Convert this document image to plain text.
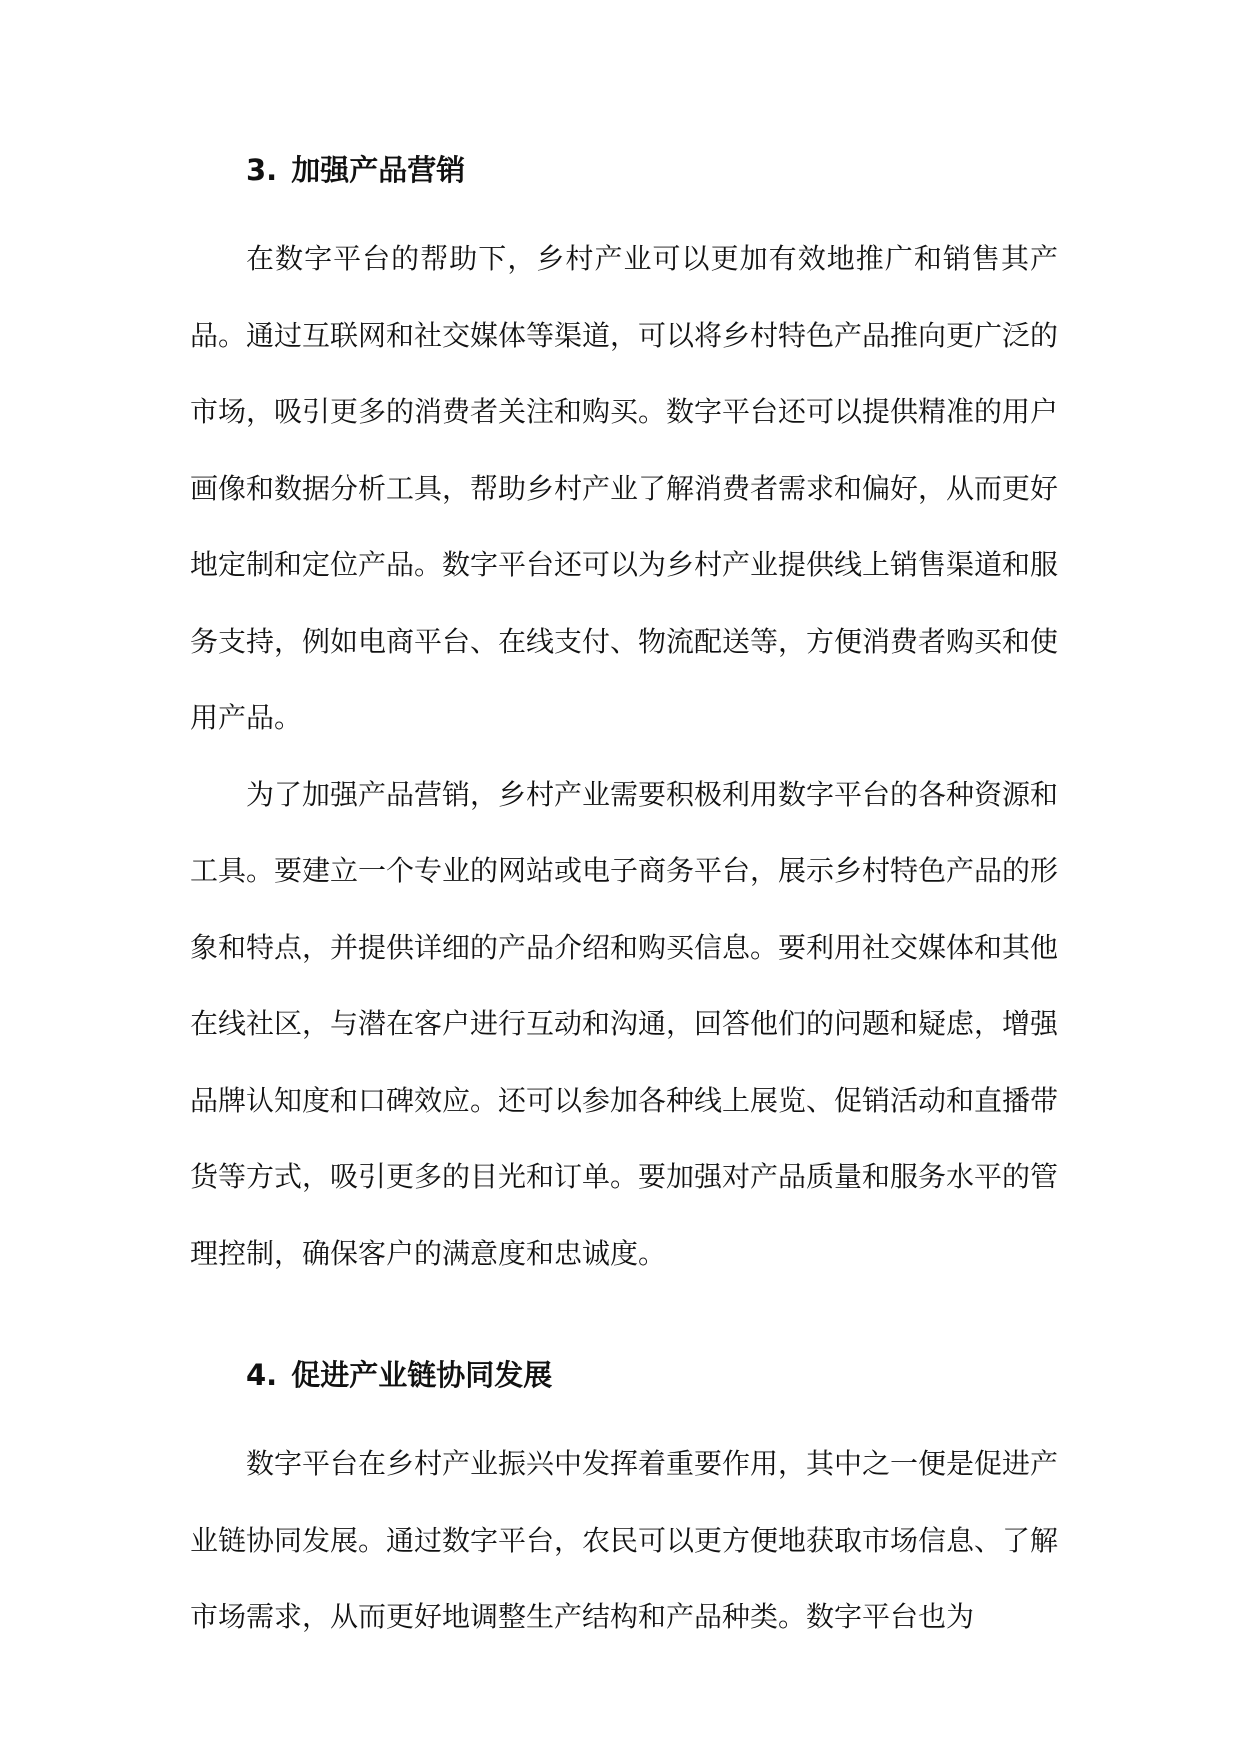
3. 加强产品营销

在数字平台的帮助下，乡村产业可以更加有效地推广和销售其产品。通过互联网和社交媒体等渠道，可以将乡村特色产品推向更广泛的市场，吸引更多的消费者关注和购买。数字平台还可以提供精准的用户画像和数据分析工具，帮助乡村产业了解消费者需求和偏好，从而更好地定制和定位产品。数字平台还可以为乡村产业提供线上销售渠道和服务支持，例如电商平台、在线支付、物流配送等，方便消费者购买和使用产品。

为了加强产品营销，乡村产业需要积极利用数字平台的各种资源和工具。要建立一个专业的网站或电子商务平台，展示乡村特色产品的形象和特点，并提供详细的产品介绍和购买信息。要利用社交媒体和其他在线社区，与潜在客户进行互动和沟通，回答他们的问题和疑虑，增强品牌认知度和口碑效应。还可以参加各种线上展览、促销活动和直播带货等方式，吸引更多的目光和订单。要加强对产品质量和服务水平的管理控制，确保客户的满意度和忠诚度。

4. 促进产业链协同发展

数字平台在乡村产业振兴中发挥着重要作用，其中之一便是促进产业链协同发展。通过数字平台，农民可以更方便地获取市场信息、了解市场需求，从而更好地调整生产结构和产品种类。数字平台也为
